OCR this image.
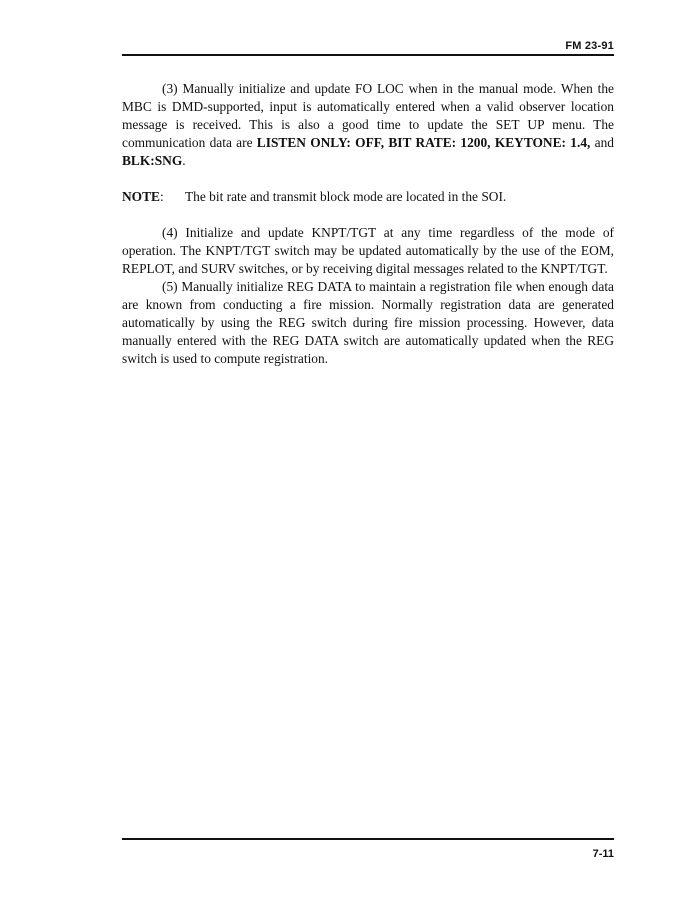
FM 23-91

(3) Manually initialize and update FO LOC when in the manual mode. When the MBC is DMD-supported, input is automatically entered when a valid observer location message is received. This is also a good time to update the SET UP menu. The communication data are LISTEN ONLY: OFF, BIT RATE: 1200, KEYTONE: 1.4, and BLK:SNG.

NOTE:	The bit rate and transmit block mode are located in the SOI.

(4) Initialize and update KNPT/TGT at any time regardless of the mode of operation. The KNPT/TGT switch may be updated automatically by the use of the EOM, REPLOT, and SURV switches, or by receiving digital messages related to the KNPT/TGT.

(5) Manually initialize REG DATA to maintain a registration file when enough data are known from conducting a fire mission. Normally registration data are generated automatically by using the REG switch during fire mission processing. However, data manually entered with the REG DATA switch are automatically updated when the REG switch is used to compute registration.

7-11
